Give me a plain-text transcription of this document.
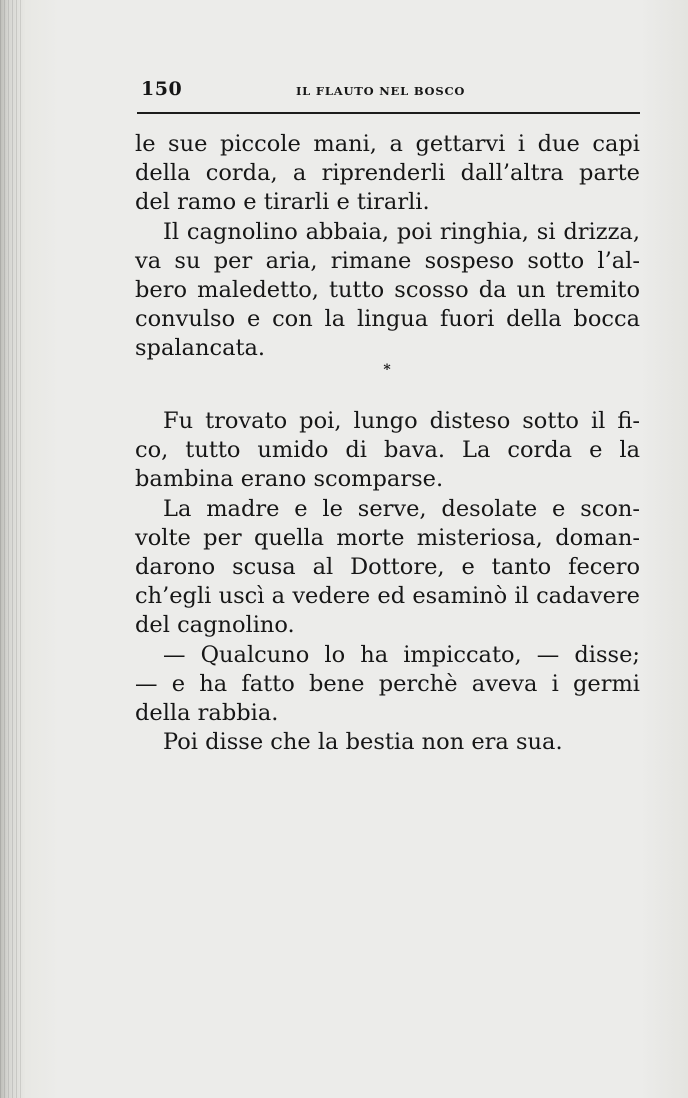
150	IL FLAUTO NEL BOSCO

le sue piccole mani, a gettarvi i due capi
della corda, a riprenderli dall’altra parte
del ramo e tirarli e tirarli.

Il cagnolino abbaia, poi ringhia, si drizza,
va su per aria, rimane sospeso sotto l’al-
bero maledetto, tutto scosso da un tremito
convulso e con la lingua fuori della bocca
spalancata.

*

Fu trovato poi, lungo disteso sotto il fi-
co, tutto umido di bava. La corda e la
bambina erano scomparse.

La madre e le serve, desolate e scon-
volte per quella morte misteriosa, doman-
darono scusa al Dottore, e tanto fecero
ch’egli uscì a vedere ed esaminò il cadavere
del cagnolino.

— Qualcuno lo ha impiccato, — disse;
— e ha fatto bene perchè aveva i germi
della rabbia.

Poi disse che la bestia non era sua.
